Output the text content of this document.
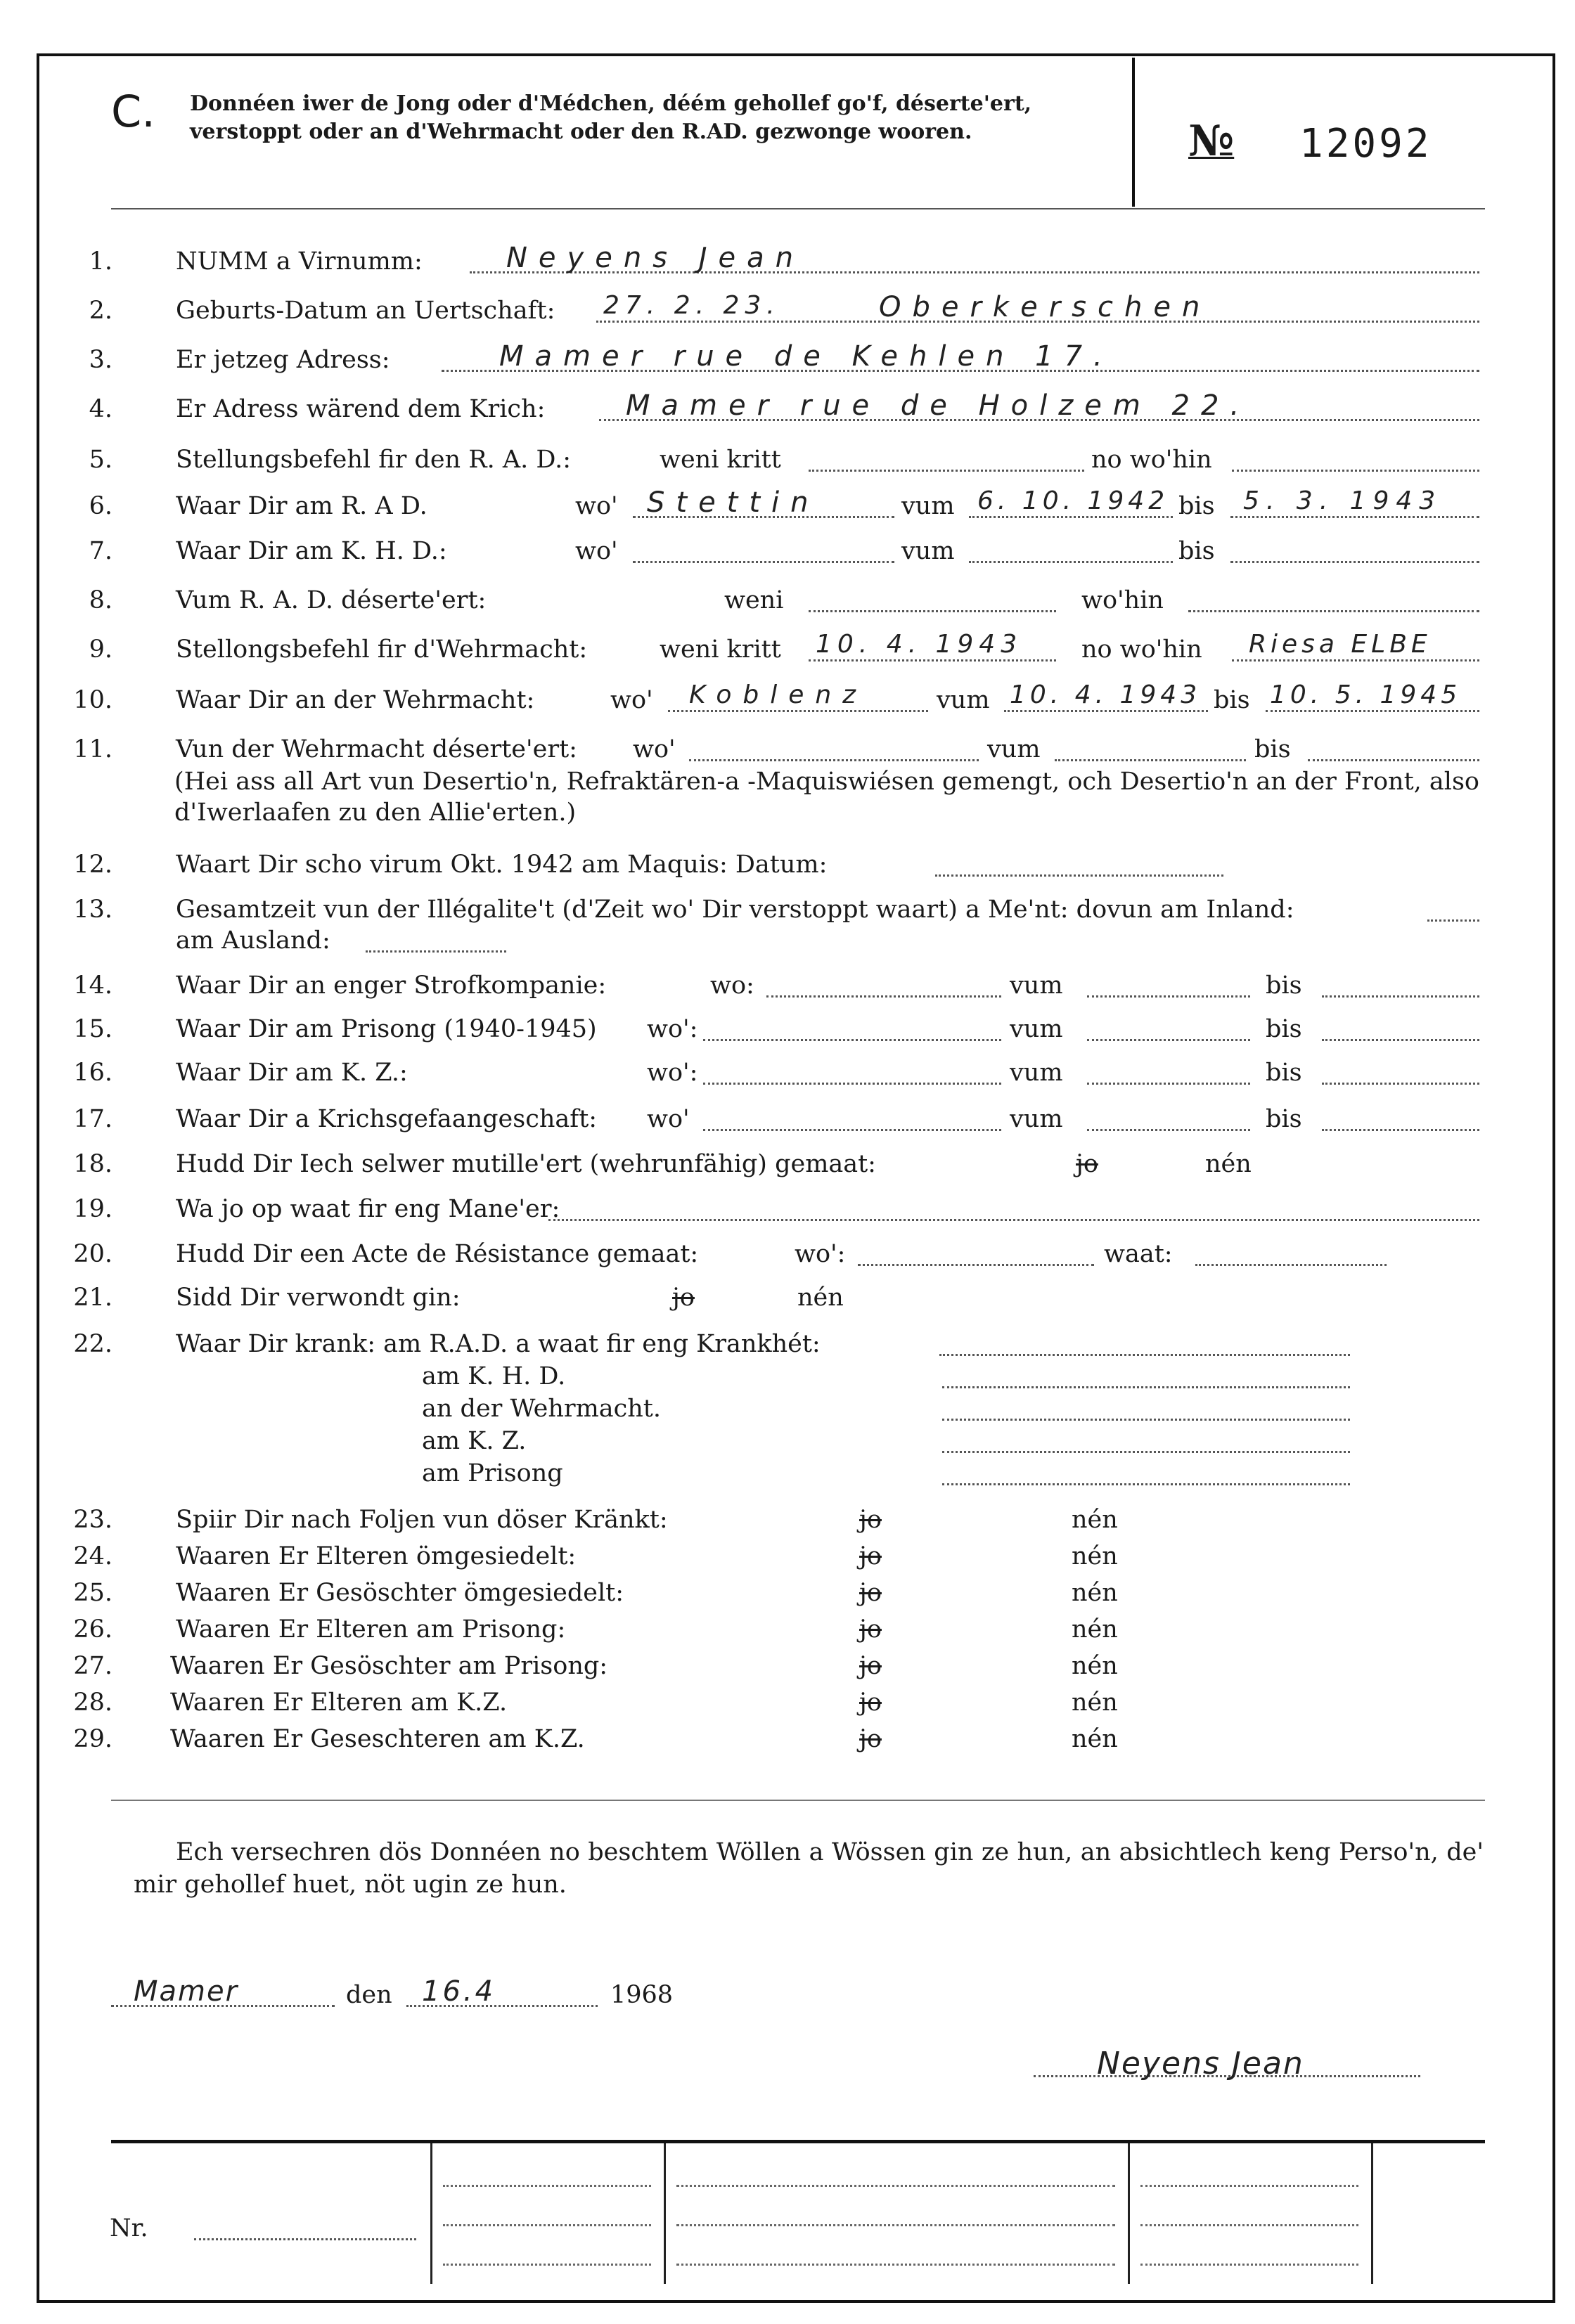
C. Donnéen iwer de Jong oder d'Médchen, déém gehollef go'f, déserte'ert, verstoppt oder an d'Wehrmacht oder den R.AD. gezwonge wooren.	№ 12092
1.	NUMM a Virnumm:	Neyens Jean
2.	Geburts-Datum an Uertschaft: 27. 2. 23.	Oberkerschen
3.	Er jetzeg Adress:	Mamer rue de Kehlen 17.
4.	Er Adress wärend dem Krich:	Mamer rue de Holzem 22.
5.	Stellungsbefehl fir den R. A. D.:	weni kritt	no wo'hin
6.	Waar Dir am R. A D.	wo' Stettin	vum 6. 10. 1942 bis 5. 3. 1943
7.	Waar Dir am K. H. D.:	wo'	vum	bis
8.	Vum R. A. D. déserte'ert:	weni	wo'hin
9.	Stellongsbefehl fir d'Wehrmacht:	weni kritt 10. 4. 1943 no wo'hin Riesa ELBE
10.	Waar Dir an der Wehrmacht:	wo' Koblenz	vum 10. 4. 1943 bis 10. 5. 1945
11.	Vun der Wehrmacht déserte'ert: wo'	vum	bis
(Hei ass all Art vun Desertio'n, Refraktären-a -Maquiswiésen gemengt, och Desertio'n an der Front, also d'Iwerlaafen zu den Allie'erten.)
12.	Waart Dir scho virum Okt. 1942 am Maquis: Datum:
13.	Gesamtzeit vun der Illégalite't (d'Zeit wo' Dir verstoppt waart) a Me'nt: dovun am Inland:
am Ausland:
14.	Waar Dir an enger Strofkompanie:	wo:	vum	bis
15.	Waar Dir am Prisong (1940-1945) wo':	vum	bis
16.	Waar Dir am K. Z.:	wo':	vum	bis
17.	Waar Dir a Krichsgefaangeschaft: wo'	vum	bis
18.	Hudd Dir Iech selwer mutille'ert (wehrunfähig) gemaat:	jo	nén
19.	Wa jo op waat fir eng Mane'er:
20.	Hudd Dir een Acte de Résistance gemaat:	wo':	waat:
21.	Sidd Dir verwondt gin:	jo	nén
22.	Waar Dir krank: am R.A.D. a waat fir eng Krankhét:
am K. H. D.
an der Wehrmacht.
am K. Z.
am Prisong
23.	Spiir Dir nach Foljen vun döser Kränkt:	jo	nén
24.	Waaren Er Elteren ömgesiedelt:	jo	nén
25.	Waaren Er Gesöschter ömgesiedelt:	jo	nén
26.	Waaren Er Elteren am Prisong:	jo	nén
27. Waaren Er Gesöschter am Prisong:	jo	nén
28. Waaren Er Elteren am K.Z.	jo	nén
29. Waaren Er Geseschteren am K.Z.	jo	nén
Ech versechren dös Donnéen no beschtem Wöllen a Wössen gin ze hun, an absichtlech keng Perso'n, de' mir gehollef huet, nöt ugin ze hun.
Mamer	den 16.4	1968
Neyens Jean
Nr.
